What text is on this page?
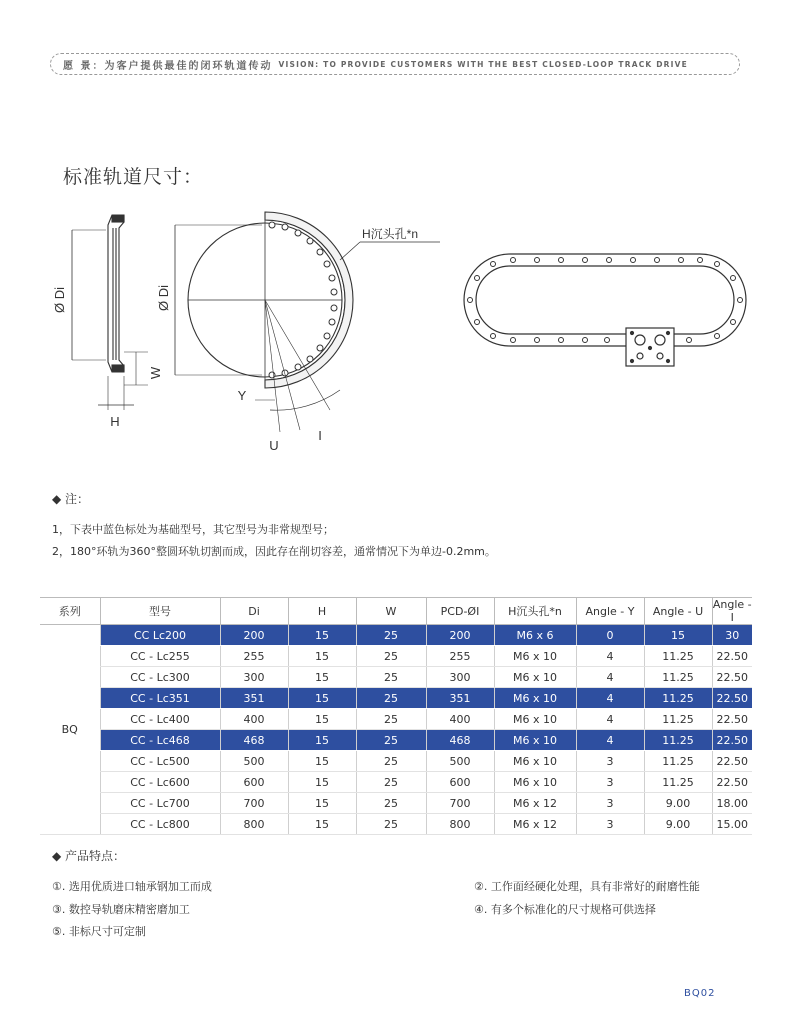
愿 景：为客户提供最佳的闭环轨道传动 VISION: TO PROVIDE CUSTOMERS WITH THE BEST CLOSED-LOOP TRACK DRIVE
标准轨道尺寸：
Ø Di
H
W
Ø Di
H沉头孔*n
Y
U
I
◆ 注：
1，下表中蓝色标处为基础型号，其它型号为非常规型号；
2，180°环轨为360°整圆环轨切割而成，因此存在削切容差，通常情况下为单边-0.2mm。
系列	型号	Di	H	W	PCD-ØI	H沉头孔*n	Angle - Y	Angle - U	Angle - I
BQ	CC Lc200	200	15	25	200	M6 x 6	0	15	30
	CC - Lc255	255	15	25	255	M6 x 10	4	11.25	22.50
	CC - Lc300	300	15	25	300	M6 x 10	4	11.25	22.50
	CC - Lc351	351	15	25	351	M6 x 10	4	11.25	22.50
	CC - Lc400	400	15	25	400	M6 x 10	4	11.25	22.50
	CC - Lc468	468	15	25	468	M6 x 10	4	11.25	22.50
	CC - Lc500	500	15	25	500	M6 x 10	3	11.25	22.50
	CC - Lc600	600	15	25	600	M6 x 10	3	11.25	22.50
	CC - Lc700	700	15	25	700	M6 x 12	3	9.00	18.00
	CC - Lc800	800	15	25	800	M6 x 12	3	9.00	15.00
◆ 产品特点：
①. 选用优质进口轴承钢加工而成	②. 工作面经硬化处理，具有非常好的耐磨性能
③. 数控导轨磨床精密磨加工	④. 有多个标准化的尺寸规格可供选择
⑤. 非标尺寸可定制
BQ02
